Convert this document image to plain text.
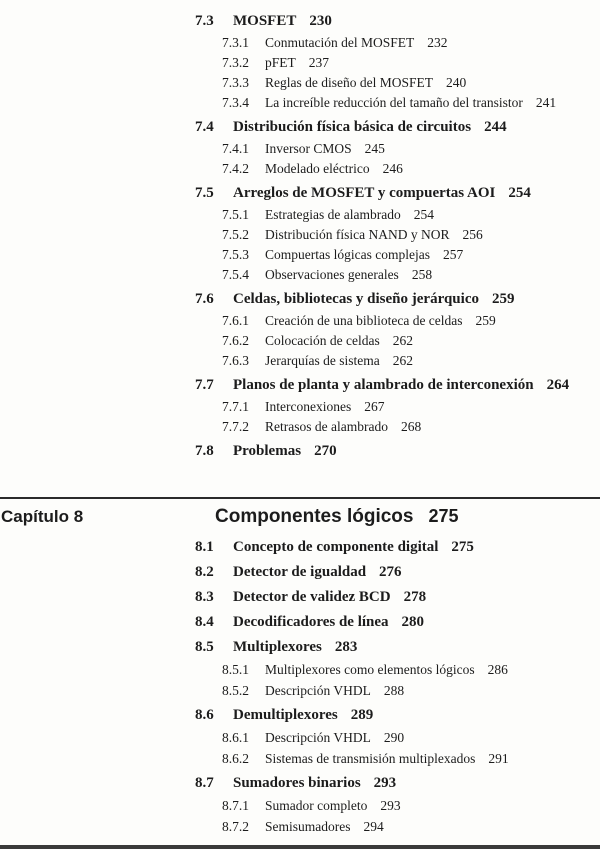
7.3	MOSFET 230
7.3.1	Conmutación del MOSFET 232
7.3.2	pFET 237
7.3.3	Reglas de diseño del MOSFET 240
7.3.4	La increíble reducción del tamaño del transistor 241
7.4	Distribución física básica de circuitos 244
7.4.1	Inversor CMOS 245
7.4.2	Modelado eléctrico 246
7.5	Arreglos de MOSFET y compuertas AOI 254
7.5.1	Estrategias de alambrado 254
7.5.2	Distribución física NAND y NOR 256
7.5.3	Compuertas lógicas complejas 257
7.5.4	Observaciones generales 258
7.6	Celdas, bibliotecas y diseño jerárquico 259
7.6.1	Creación de una biblioteca de celdas 259
7.6.2	Colocación de celdas 262
7.6.3	Jerarquías de sistema 262
7.7	Planos de planta y alambrado de interconexión 264
7.7.1	Interconexiones 267
7.7.2	Retrasos de alambrado 268
7.8	Problemas 270
Capítulo 8	Componentes lógicos 275
8.1	Concepto de componente digital 275
8.2	Detector de igualdad 276
8.3	Detector de validez BCD 278
8.4	Decodificadores de línea 280
8.5	Multiplexores 283
8.5.1	Multiplexores como elementos lógicos 286
8.5.2	Descripción VHDL 288
8.6	Demultiplexores 289
8.6.1	Descripción VHDL 290
8.6.2	Sistemas de transmisión multiplexados 291
8.7	Sumadores binarios 293
8.7.1	Sumador completo 293
8.7.2	Semisumadores 294
